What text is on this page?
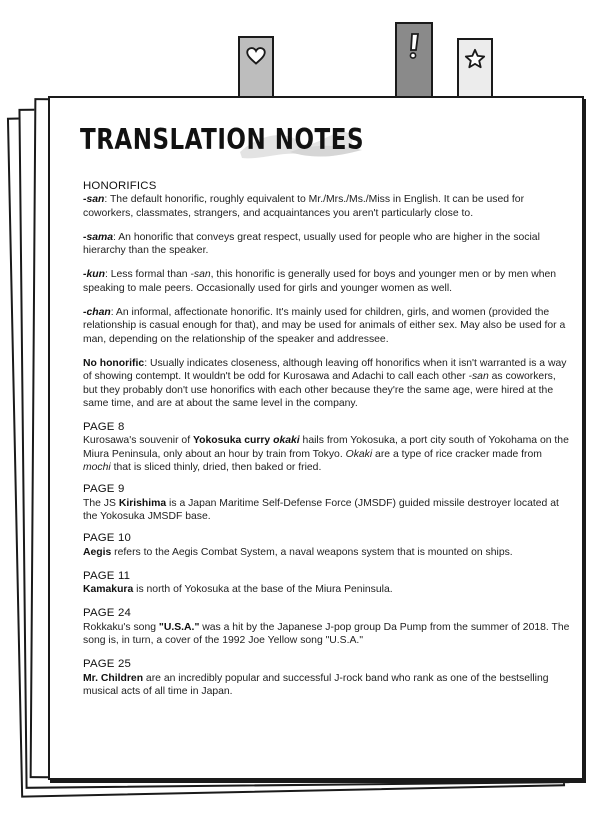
TRANSLATION NOTES
HONORIFICS

-san: The default honorific, roughly equivalent to Mr./Mrs./Ms./Miss in English. It can be used for coworkers, classmates, strangers, and acquaintances you aren't particularly close to.

-sama: An honorific that conveys great respect, usually used for people who are higher in the social hierarchy than the speaker.

-kun: Less formal than -san, this honorific is generally used for boys and younger men or by men when speaking to male peers. Occasionally used for girls and younger women as well.

-chan: An informal, affectionate honorific. It's mainly used for children, girls, and women (provided the relationship is casual enough for that), and may be used for animals of either sex. May also be used for a man, depending on the relationship of the speaker and addressee.

No honorific: Usually indicates closeness, although leaving off honorifics when it isn't warranted is a way of showing contempt. It wouldn't be odd for Kurosawa and Adachi to call each other -san as coworkers, but they probably don't use honorifics with each other because they're the same age, were hired at the same time, and are at about the same level in the company.

PAGE 8

Kurosawa's souvenir of Yokosuka curry okaki hails from Yokosuka, a port city south of Yokohama on the Miura Peninsula, only about an hour by train from Tokyo. Okaki are a type of rice cracker made from mochi that is sliced thinly, dried, then baked or fried.

PAGE 9

The JS Kirishima is a Japan Maritime Self-Defense Force (JMSDF) guided missile destroyer located at the Yokosuka JMSDF base.

PAGE 10

Aegis refers to the Aegis Combat System, a naval weapons system that is mounted on ships.

PAGE 11

Kamakura is north of Yokosuka at the base of the Miura Peninsula.

PAGE 24

Rokkaku's song "U.S.A." was a hit by the Japanese J-pop group Da Pump from the summer of 2018. The song is, in turn, a cover of the 1992 Joe Yellow song "U.S.A."

PAGE 25

Mr. Children are an incredibly popular and successful J-rock band who rank as one of the bestselling musical acts of all time in Japan.
